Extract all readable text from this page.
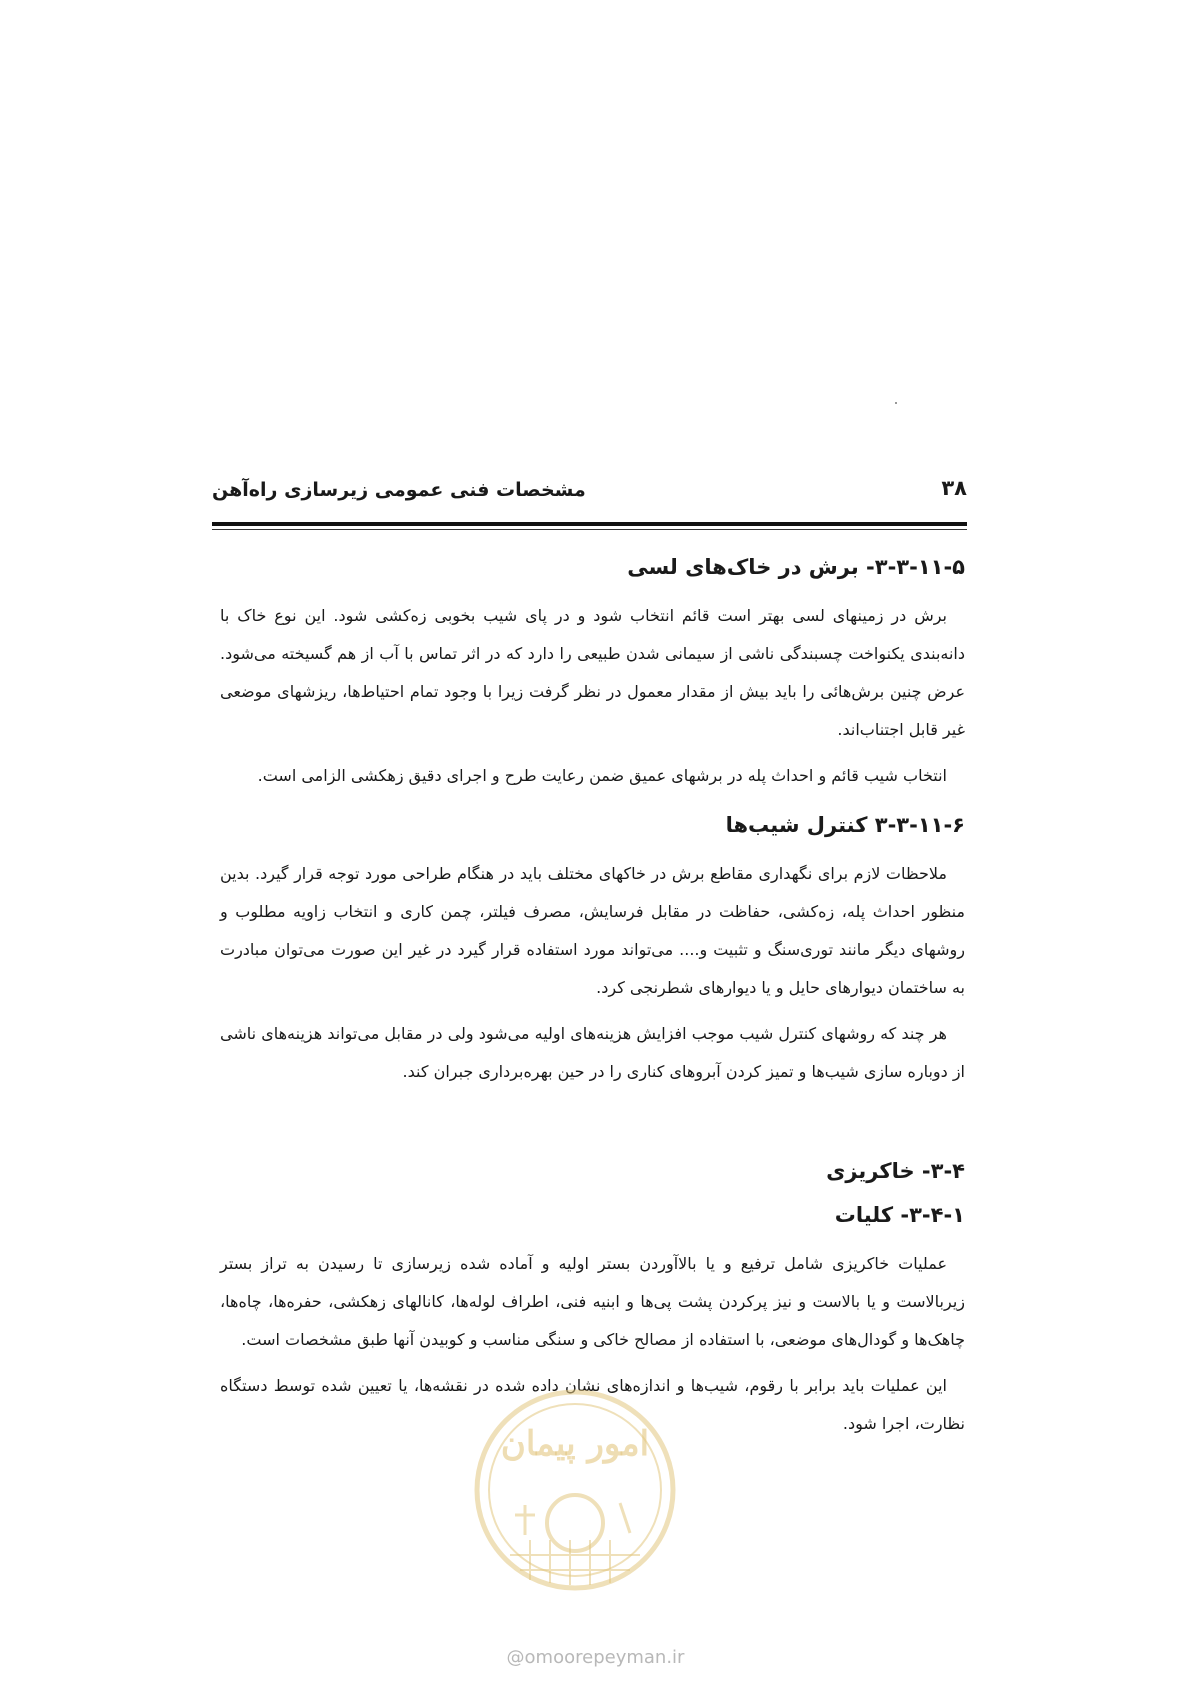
۳۸
مشخصات فنی عمومی زیرسازی راه‌آهن
۳-۳-۱۱-۵- برش در خاک‌های لسی

برش در زمینهای لسی بهتر است قائم انتخاب شود و در پای شیب بخوبی زه‌کشی شود. این نوع خاک با دانه‌بندی یکنواخت چسبندگی ناشی از سیمانی شدن طبیعی را دارد که در اثر تماس با آب از هم گسیخته می‌شود. عرض چنین برش‌هائی را باید بیش از مقدار معمول در نظر گرفت زیرا با وجود تمام احتیاط‌ها، ریزشهای موضعی غیر قابل اجتناب‌اند.

انتخاب شیب قائم و احداث پله در برشهای عمیق ضمن رعایت طرح و اجرای دقیق زهکشی الزامی است.

۳-۳-۱۱-۶ کنترل شیب‌ها

ملاحظات لازم برای نگهداری مقاطع برش در خاکهای مختلف باید در هنگام طراحی مورد توجه قرار گیرد. بدین منظور احداث پله، زه‌کشی، حفاظت در مقابل فرسایش، مصرف فیلتر، چمن کاری و انتخاب زاویه مطلوب و روشهای دیگر مانند توری‌سنگ و تثبیت و.... می‌تواند مورد استفاده قرار گیرد در غیر این صورت می‌توان مبادرت به ساختمان دیوارهای حایل و یا دیوارهای شطرنجی کرد.

هر چند که روشهای کنترل شیب موجب افزایش هزینه‌های اولیه می‌شود ولی در مقابل می‌تواند هزینه‌های ناشی از دوباره سازی شیب‌ها و تمیز کردن آبروهای کناری را در حین بهره‌برداری جبران کند.

۳-۴- خاکریزی
۳-۴-۱- کلیات

عملیات خاکریزی شامل ترفیع و یا بالاآوردن بستر اولیه و آماده شده زیرسازی تا رسیدن به تراز بستر زیربالاست و یا بالاست و نیز پرکردن پشت پی‌ها و ابنیه فنی، اطراف لوله‌ها، کانالهای زهکشی، حفره‌ها، چاه‌ها، چاهک‌ها و گودال‌های موضعی، با استفاده از مصالح خاکی و سنگی مناسب و کوبیدن آنها طبق مشخصات است.

این عملیات باید برابر با رقوم، شیب‌ها و اندازه‌های نشان داده شده در نقشه‌ها، یا تعیین شده توسط دستگاه نظارت، اجرا شود.

امور پیمان
@omoorepeyman.ir
